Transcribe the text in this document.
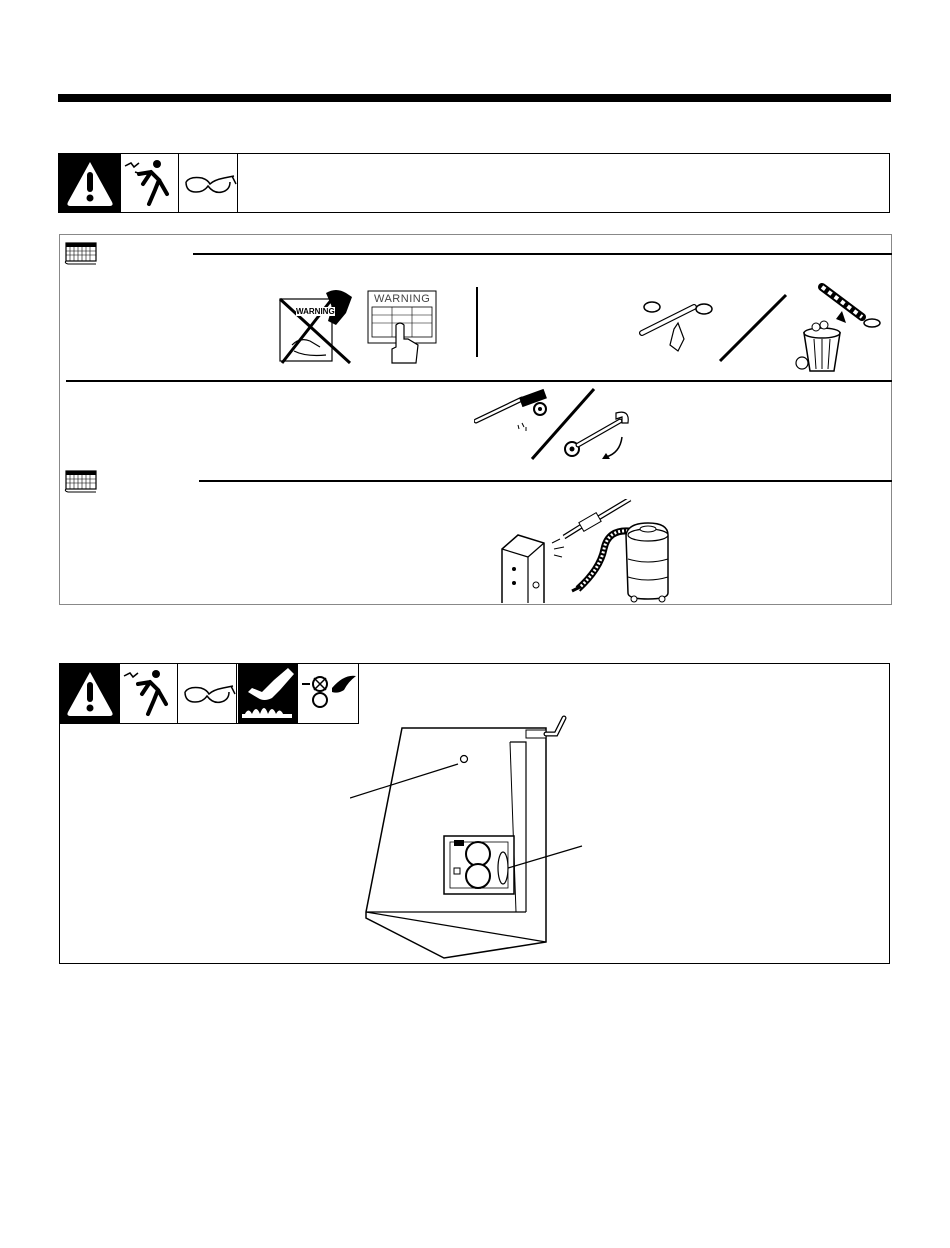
WARNING
WARNING
